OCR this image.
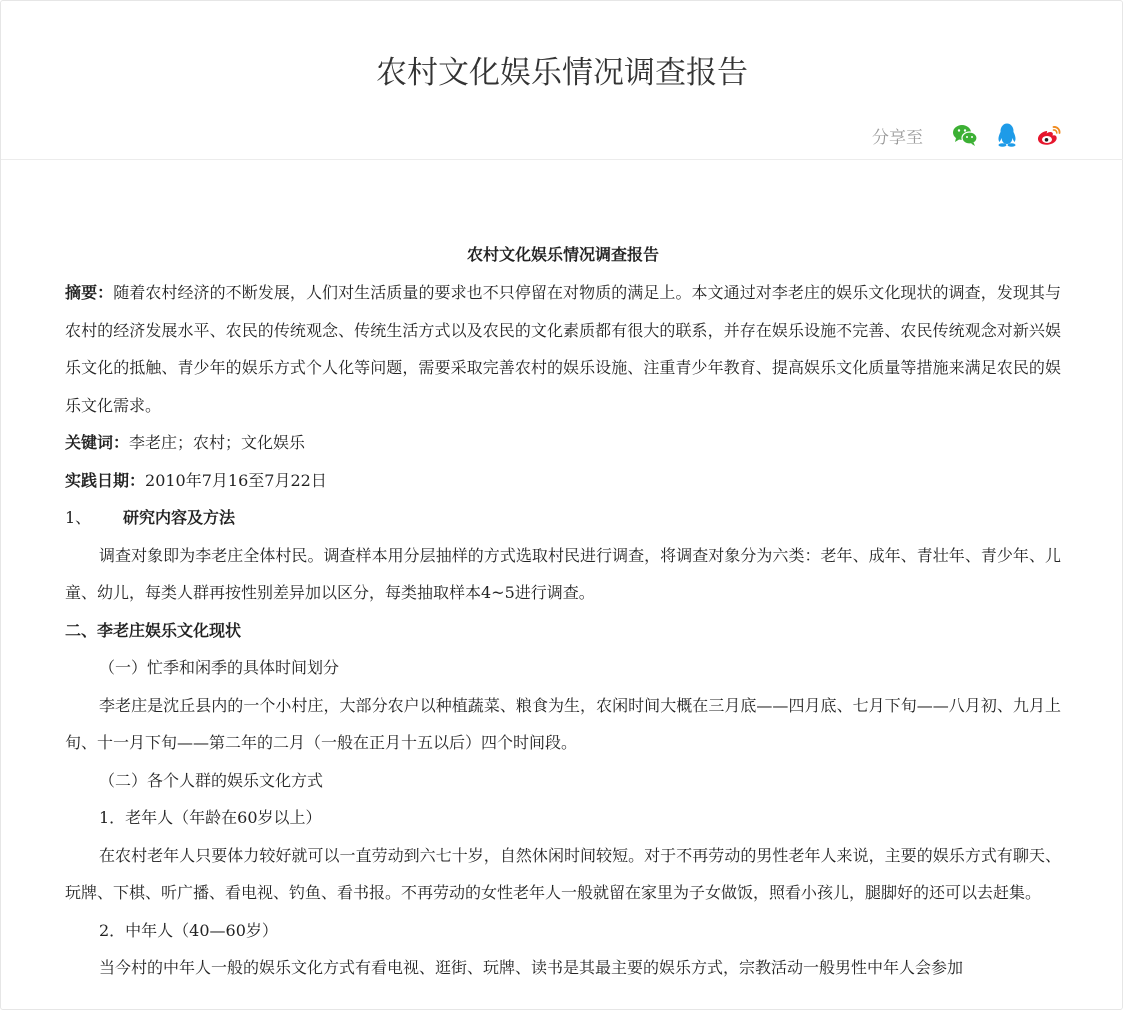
农村文化娱乐情况调查报告
分享至

农村文化娱乐情况调查报告

摘要：随着农村经济的不断发展，人们对生活质量的要求也不只停留在对物质的满足上。本文通过对李老庄的娱乐文化现状的调查，发现其与农村的经济发展水平、农民的传统观念、传统生活方式以及农民的文化素质都有很大的联系，并存在娱乐设施不完善、农民传统观念对新兴娱乐文化的抵触、青少年的娱乐方式个人化等问题，需要采取完善农村的娱乐设施、注重青少年教育、提高娱乐文化质量等措施来满足农民的娱乐文化需求。

关键词：李老庄；农村；文化娱乐

实践日期：2010年7月16至7月22日

1、 研究内容及方法

调查对象即为李老庄全体村民。调查样本用分层抽样的方式选取村民进行调查，将调查对象分为六类：老年、成年、青壮年、青少年、儿童、幼儿，每类人群再按性别差异加以区分，每类抽取样本4~5进行调查。

二、李老庄娱乐文化现状

（一）忙季和闲季的具体时间划分

李老庄是沈丘县内的一个小村庄，大部分农户以种植蔬菜、粮食为生，农闲时间大概在三月底——四月底、七月下旬——八月初、九月上旬、十一月下旬——第二年的二月（一般在正月十五以后）四个时间段。

（二）各个人群的娱乐文化方式

1．老年人（年龄在60岁以上）

在农村老年人只要体力较好就可以一直劳动到六七十岁，自然休闲时间较短。对于不再劳动的男性老年人来说，主要的娱乐方式有聊天、玩牌、下棋、听广播、看电视、钓鱼、看书报。不再劳动的女性老年人一般就留在家里为子女做饭，照看小孩儿，腿脚好的还可以去赶集。

2．中年人（40—60岁）

当今村的中年人一般的娱乐文化方式有看电视、逛街、玩牌、读书是其最主要的娱乐方式，宗教活动一般男性中年人会参加
